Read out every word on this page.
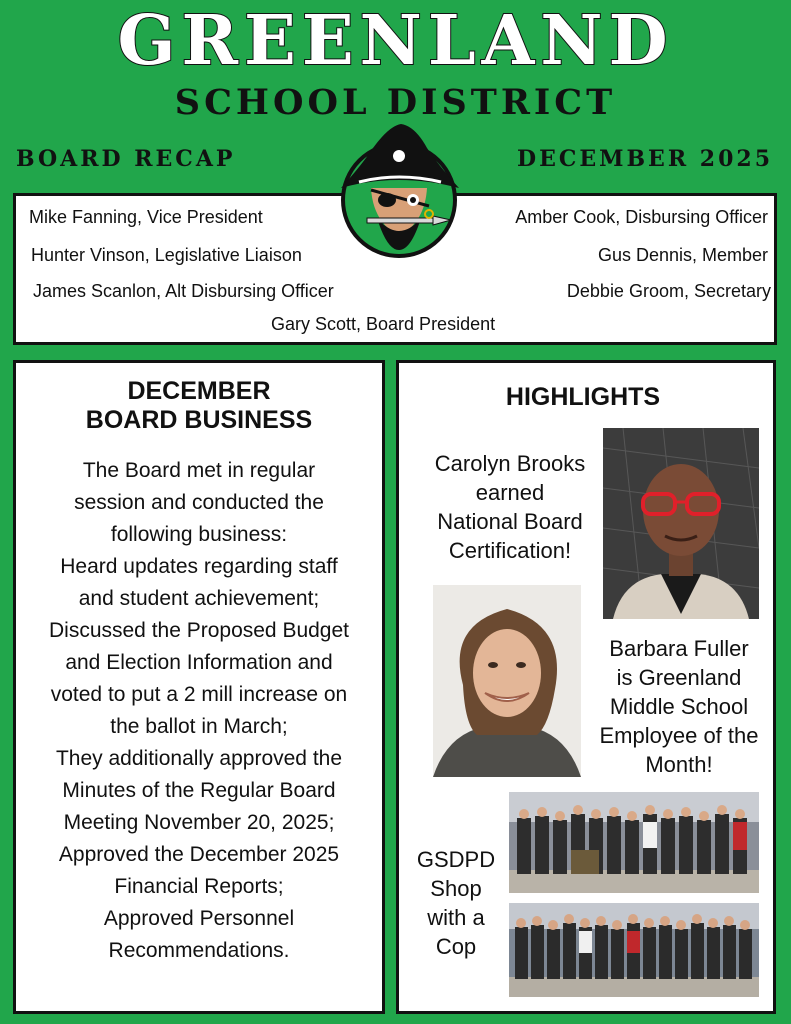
GREENLAND
SCHOOL DISTRICT
BOARD RECAP	DECEMBER 2025
Mike Fanning, Vice President	Amber Cook, Disbursing Officer
Hunter Vinson, Legislative Liaison	Gus Dennis, Member
James Scanlon, Alt Disbursing Officer	Debbie Groom, Secretary
Gary Scott, Board President
DECEMBER
BOARD BUSINESS
The Board met in regular
session and conducted the
following business:
Heard updates regarding staff
and student achievement;
Discussed the Proposed Budget
and Election Information and
voted to put a 2 mill increase on
the ballot in March;
They additionally approved the
Minutes of the Regular Board
Meeting November 20, 2025;
Approved the December 2025
Financial Reports;
Approved Personnel
Recommendations.
HIGHLIGHTS
Carolyn Brooks
earned
National Board
Certification!
Barbara Fuller
is Greenland
Middle School
Employee of the
Month!
GSDPD
Shop
with a
Cop
